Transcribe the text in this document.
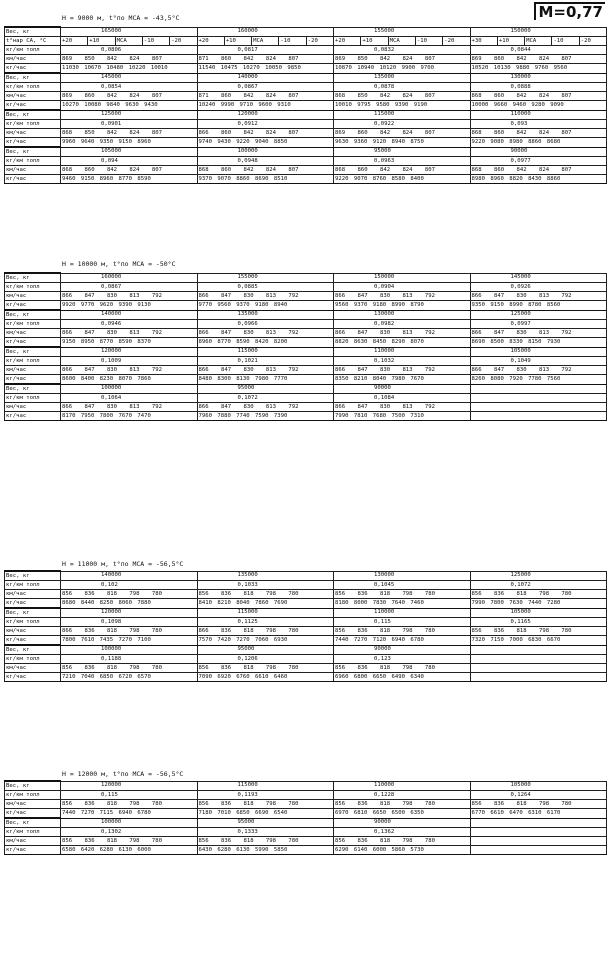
M=0,77
Н = 9000 м, t°по МСА = -43,5°С
Вес, кг	165000					160000					155000					150000				
t°нар СА, °С	+20	+10	МСА	-10	-20	+20	+10	МСА	-10	-20	+20	+10	МСА	-10	-20	+30	+10	МСА	-10	-20
кг/км топл	0,0806					0,0817					0,0832					0,0844				
км/час	869 850 842 824 807					871 860 842 824 807					869 850 842 824 807					869 860 842 824 807				
кг/час	11030 10670 10480 10220 10010					11540 10475 10270 10050 9850					10870 10940 10120 9900 9700					10520 10130 9880 9760 9560				
Вес, кг	145000					140000					135000					130000				
кг/км топл	0,0854					0,0867					0,0878					0,0888				
км/час	869 860 842 824 807					871 860 842 824 807					868 850 842 824 807					868 860 842 824 807				
кг/час	10270 10080 9840 9630 9430					10240 9990 9710 9600 9310					10010 9795 9580 9390 9190					10000 9660 9460 9280 9090				
Вес, кг	125000					120000					115000					110000				
кг/км топл	0,0901					0,0912					0,0922					0,093				
км/час	868 850 842 824 807					866 860 842 824 807					869 860 842 824 807					868 860 842 824 807				
кг/час	9960 9640 9350 9150 8960					9740 9430 9220 9040 8850					9630 9360 9120 8940 8750					9220 9080 8980 8860 8680				
Вес, кг	105000					100000					95000					90000				
кг/км топл	0,094					0,0948					0,0963					0,0977				
км/час	868 860 842 824 807					868 860 842 824 807					868 860 842 824 807					868 860 842 824 807				
кг/час	9460 9150 8960 8770 8590					9370 9070 8860 8690 8510					9220 9070 8760 8580 8400					8980 8960 8820 8430 8860				
Н = 10000 м, t°по МСА = -50°С
Вес, кг	160000	155000	150000	145000
кг/км топл	0,0867	0,0885	0,0904	0,0926
км/час	866 847 830 813 792	866 847 830 813 792	866 847 830 813 792	866 847 830 813 792
кг/час	9920 9770 9620 9390 9130	9770 9560 9370 9180 8940	9560 9370 9180 8990 8790	9350 9150 8990 8780 8560
Вес, кг	140000	135000	130000	125000
кг/км топл	0,0946	0,0966	0,0982	0,0997
км/час	866 847 830 813 792	866 847 830 813 792	866 847 830 813 792	866 847 830 813 792
кг/час	9150 8950 8770 8590 8370	8960 8770 8590 8420 8200	8820 8630 8450 8290 8070	8690 8500 8330 8150 7930
Вес, кг	120000	115000	110000	105000
кг/км топл	0,1009	0,1021	0,1032	0,1049
км/час	866 847 830 813 792	866 847 830 813 792	866 847 830 813 792	866 847 830 813 792
кг/час	8600 8400 8230 8070 7860	8480 8300 8130 7980 7770	8350 8210 8040 7980 7670	8260 8080 7920 7780 7560
Вес, кг	100000	95000	90000	
кг/км топл	0,1064	0,1072	0,1084	
км/час	866 847 830 813 792	866 847 830 813 792	866 847 830 813 792	
кг/час	8170 7950 7800 7670 7470	7960 7880 7740 7590 7390	7990 7810 7680 7500 7310	
Н = 11000 м, t°по МСА = -56,5°С
Вес, кг	140000	135000	130000	125000
кг/км топл	0,102	0,1033	0,1045	0,1072
км/час	856 836 818 798 780	856 836 818 798 780	856 836 818 798 780	856 836 818 798 780
кг/час	8680 8440 8250 8060 7880	8410 8210 8040 7860 7690	8180 8000 7830 7640 7460	7990 7800 7630 7440 7280
Вес, кг	120000	115000	110000	105000
кг/км топл	0,1098	0,1125	0,115	0,1165
км/час	866 836 818 798 780	866 836 818 798 780	856 836 818 798 780	856 836 818 798 780
кг/час	7800 7610 7435 7270 7100	7570 7420 7270 7060 6930	7440 7270 7120 6940 6780	7320 7150 7000 6830 6670
Вес, кг	100000	95000	90000	
кг/км топл	0,1188	0,1206	0,123	
км/час	856 836 818 798 780	856 836 818 798 780	856 836 818 798 780	
кг/час	7210 7040 6850 6720 6570	7090 6920 6760 6610 6460	6960 6800 6650 6490 6340	
Н = 12000 м, t°по МСА = -56,5°С
Вес, кг	120000	115000	110000	105000
кг/км топл	0,115	0,1193	0,1228	0,1264
км/час	856 836 818 798 780	856 836 818 798 780	856 836 818 798 780	856 836 818 798 780
кг/час	7440 7270 7115 6940 6780	7180 7010 6850 6690 6540	6970 6810 6650 6500 6350	6770 6610 6470 6310 6170
Вес, кг	100000	95000	90000	
кг/км топл	0,1302	0,1333	0,1362	
км/час	856 836 818 798 780	856 836 818 798 780	856 836 818 798 780	
кг/час	6580 6420 6280 6130 6000	6430 6280 6130 5990 5850	6290 6140 6000 5860 5730	
